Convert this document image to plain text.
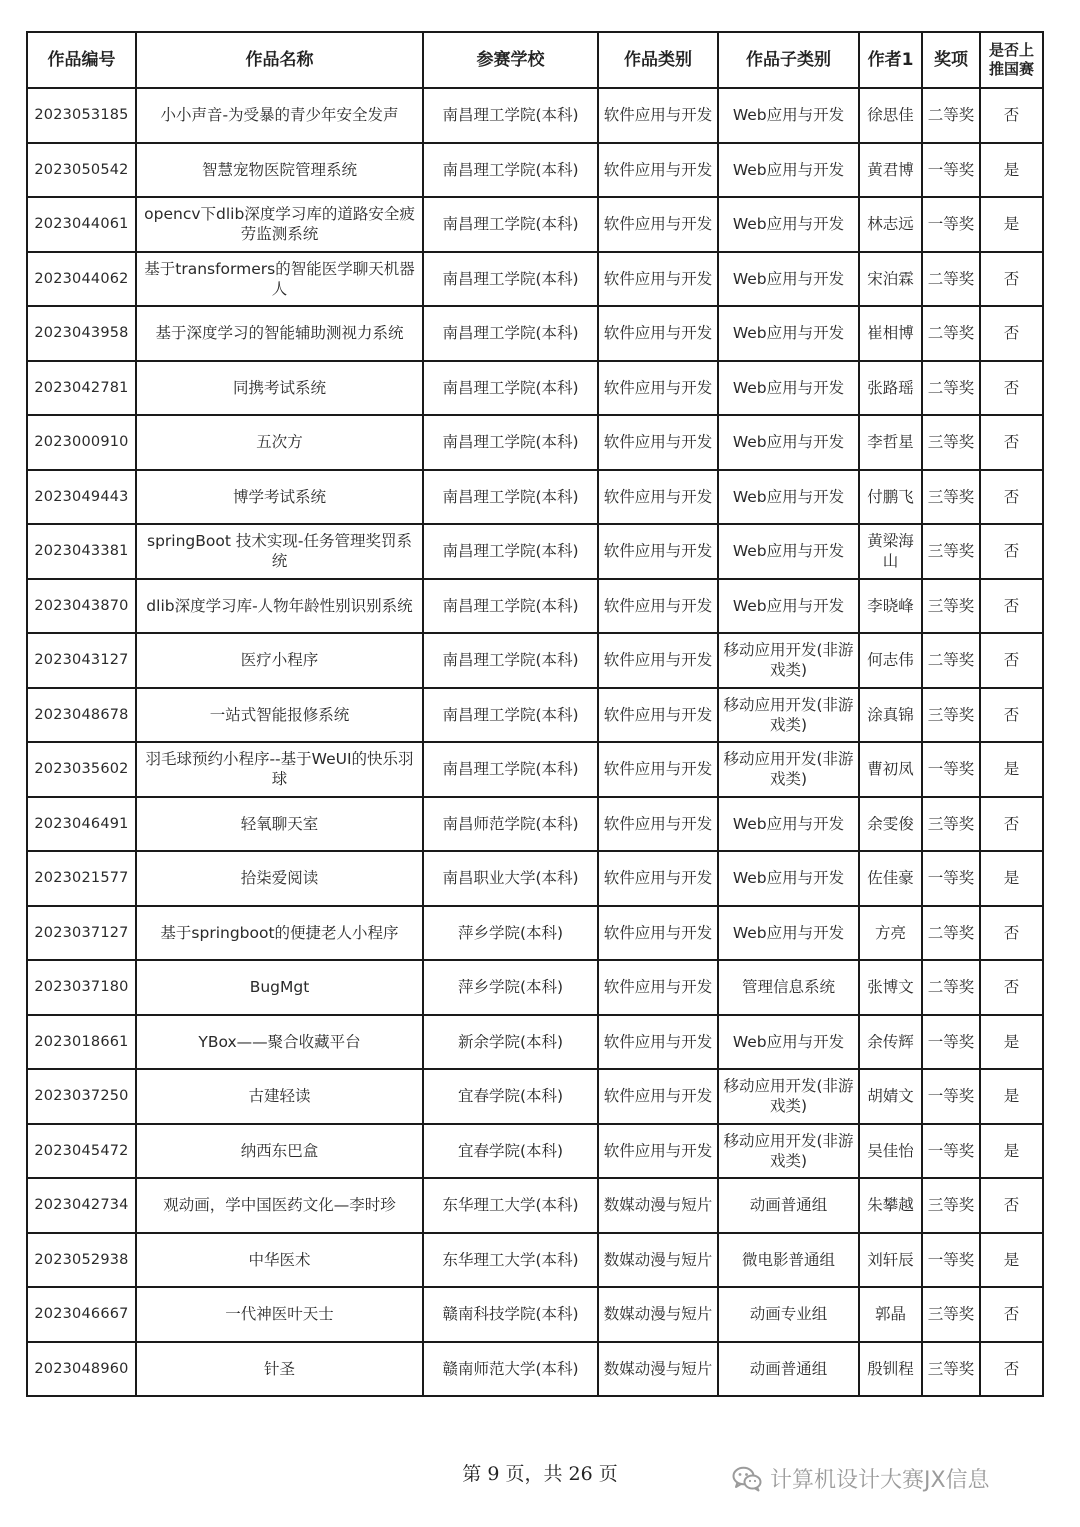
作品编号	作品名称	参赛学校	作品类别	作品子类别	作者1	奖项	是否上推国赛
2023053185	小小声音-为受暴的青少年安全发声	南昌理工学院(本科)	软件应用与开发	Web应用与开发	徐思佳	二等奖	否
2023050542	智慧宠物医院管理系统	南昌理工学院(本科)	软件应用与开发	Web应用与开发	黄君博	一等奖	是
2023044061	opencv下dlib深度学习库的道路安全疲劳监测系统	南昌理工学院(本科)	软件应用与开发	Web应用与开发	林志远	一等奖	是
2023044062	基于transformers的智能医学聊天机器人	南昌理工学院(本科)	软件应用与开发	Web应用与开发	宋泊霖	二等奖	否
2023043958	基于深度学习的智能辅助测视力系统	南昌理工学院(本科)	软件应用与开发	Web应用与开发	崔相博	二等奖	否
2023042781	同携考试系统	南昌理工学院(本科)	软件应用与开发	Web应用与开发	张路瑶	二等奖	否
2023000910	五次方	南昌理工学院(本科)	软件应用与开发	Web应用与开发	李哲星	三等奖	否
2023049443	博学考试系统	南昌理工学院(本科)	软件应用与开发	Web应用与开发	付鹏飞	三等奖	否
2023043381	springBoot 技术实现-任务管理奖罚系统	南昌理工学院(本科)	软件应用与开发	Web应用与开发	黄梁海山	三等奖	否
2023043870	dlib深度学习库-人物年龄性别识别系统	南昌理工学院(本科)	软件应用与开发	Web应用与开发	李晓峰	三等奖	否
2023043127	医疗小程序	南昌理工学院(本科)	软件应用与开发	移动应用开发(非游戏类)	何志伟	二等奖	否
2023048678	一站式智能报修系统	南昌理工学院(本科)	软件应用与开发	移动应用开发(非游戏类)	涂真锦	三等奖	否
2023035602	羽毛球预约小程序--基于WeUI的快乐羽球	南昌理工学院(本科)	软件应用与开发	移动应用开发(非游戏类)	曹初凤	一等奖	是
2023046491	轻氧聊天室	南昌师范学院(本科)	软件应用与开发	Web应用与开发	余雯俊	三等奖	否
2023021577	拾柒爱阅读	南昌职业大学(本科)	软件应用与开发	Web应用与开发	佐佳豪	一等奖	是
2023037127	基于springboot的便捷老人小程序	萍乡学院(本科)	软件应用与开发	Web应用与开发	方亮	二等奖	否
2023037180	BugMgt	萍乡学院(本科)	软件应用与开发	管理信息系统	张博文	二等奖	否
2023018661	YBox——聚合收藏平台	新余学院(本科)	软件应用与开发	Web应用与开发	余传辉	一等奖	是
2023037250	古建轻读	宜春学院(本科)	软件应用与开发	移动应用开发(非游戏类)	胡婧文	一等奖	是
2023045472	纳西东巴盒	宜春学院(本科)	软件应用与开发	移动应用开发(非游戏类)	吴佳怡	一等奖	是
2023042734	观动画，学中国医药文化—李时珍	东华理工大学(本科)	数媒动漫与短片	动画普通组	朱攀越	三等奖	否
2023052938	中华医术	东华理工大学(本科)	数媒动漫与短片	微电影普通组	刘轩辰	一等奖	是
2023046667	一代神医叶天士	赣南科技学院(本科)	数媒动漫与短片	动画专业组	郭晶	三等奖	否
2023048960	针圣	赣南师范大学(本科)	数媒动漫与短片	动画普通组	殷钏程	三等奖	否
第 9 页，共 26 页	计算机设计大赛JX信息
